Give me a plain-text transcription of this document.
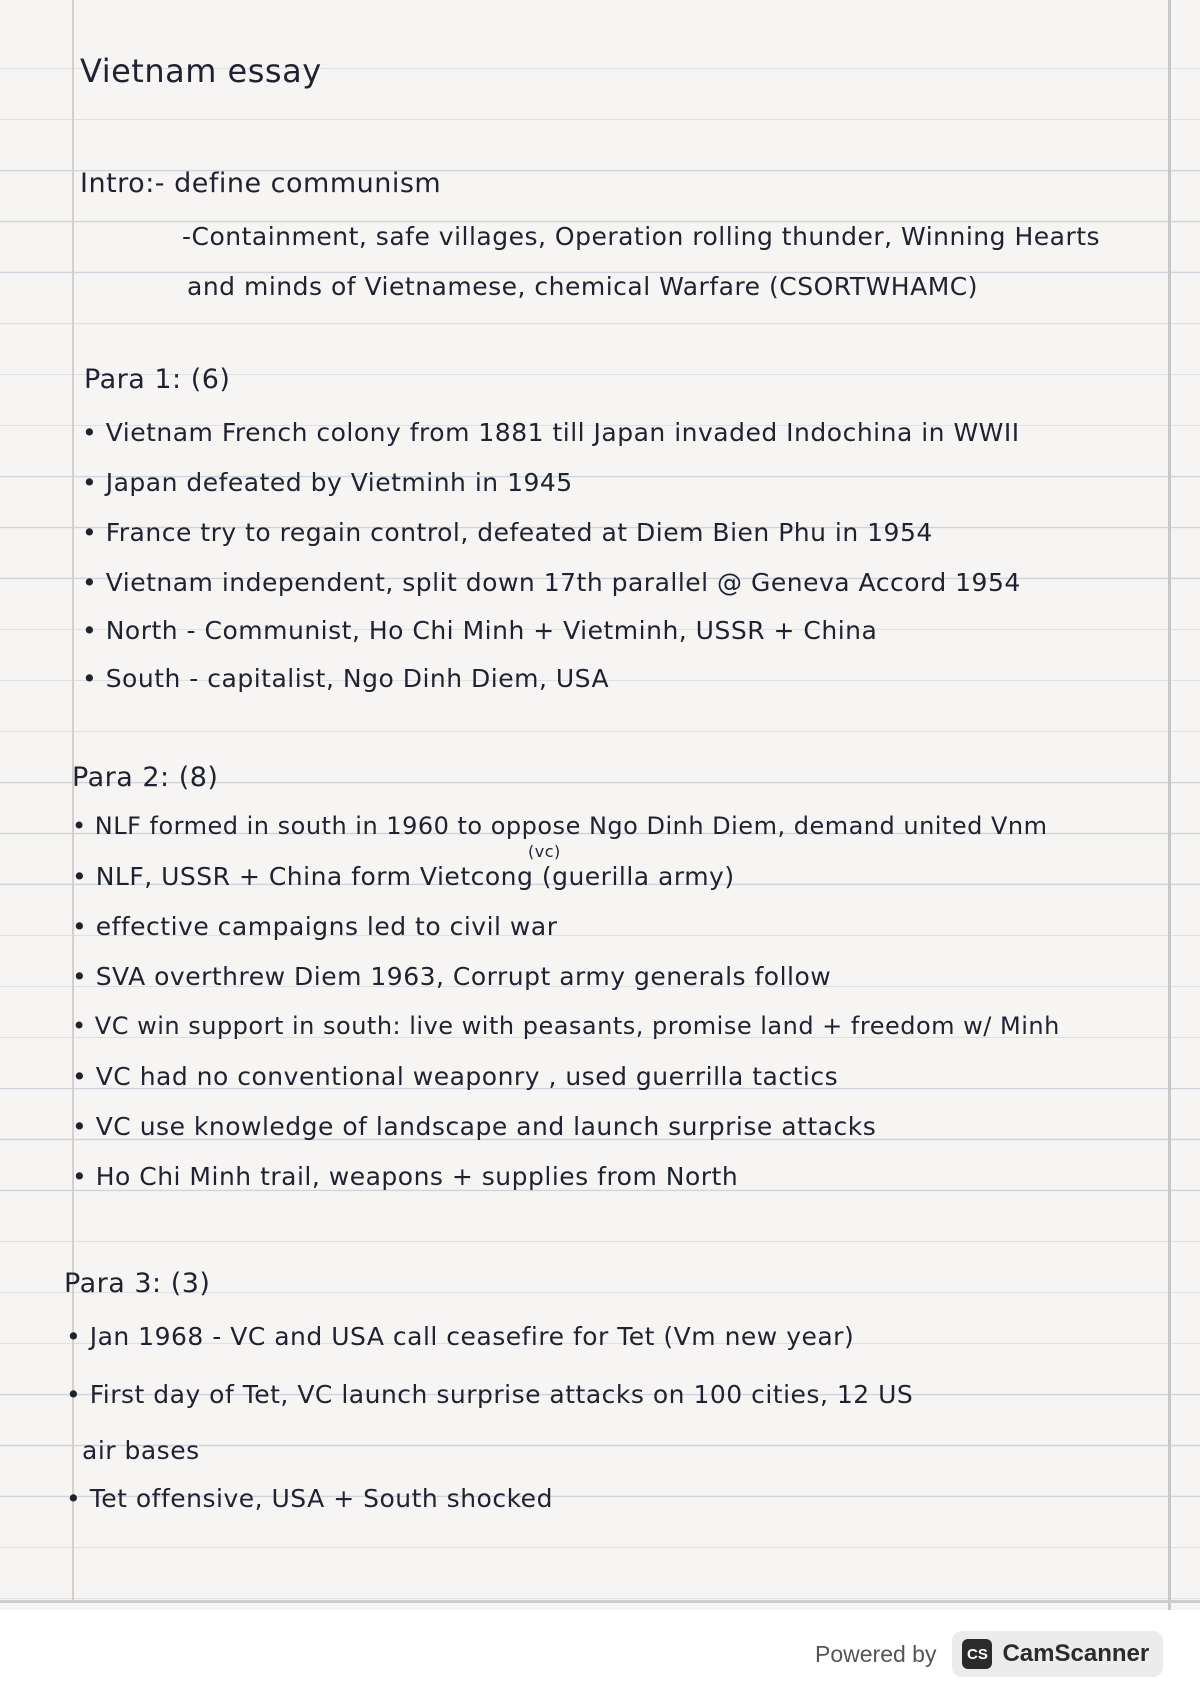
Vietnam essay
Intro:- define communism
-Containment, safe villages, Operation rolling thunder, Winning Hearts
and minds of Vietnamese, chemical Warfare (CSORTWHAMC)
Para 1: (6)
• Vietnam French colony from 1881 till Japan invaded Indochina in WWII
• Japan defeated by Vietminh in 1945
• France try to regain control, defeated at Diem Bien Phu in 1954
• Vietnam independent, split down 17th parallel @ Geneva Accord 1954
• North - Communist, Ho Chi Minh + Vietminh, USSR + China
• South - capitalist, Ngo Dinh Diem, USA
Para 2: (8)
• NLF formed in south in 1960 to oppose Ngo Dinh Diem, demand united Vnm
(vc)
• NLF, USSR + China form Vietcong (guerilla army)
• effective campaigns led to civil war
• SVA overthrew Diem 1963, Corrupt army generals follow
• VC win support in south: live with peasants, promise land + freedom w/ Minh
• VC had no conventional weaponry , used guerrilla tactics
• VC use knowledge of landscape and launch surprise attacks
• Ho Chi Minh trail, weapons + supplies from North
Para 3: (3)
• Jan 1968 - VC and USA call ceasefire for Tet (Vm new year)
• First day of Tet, VC launch surprise attacks on 100 cities, 12 US
air bases
• Tet offensive, USA + South shocked
Powered by	CS CamScanner
